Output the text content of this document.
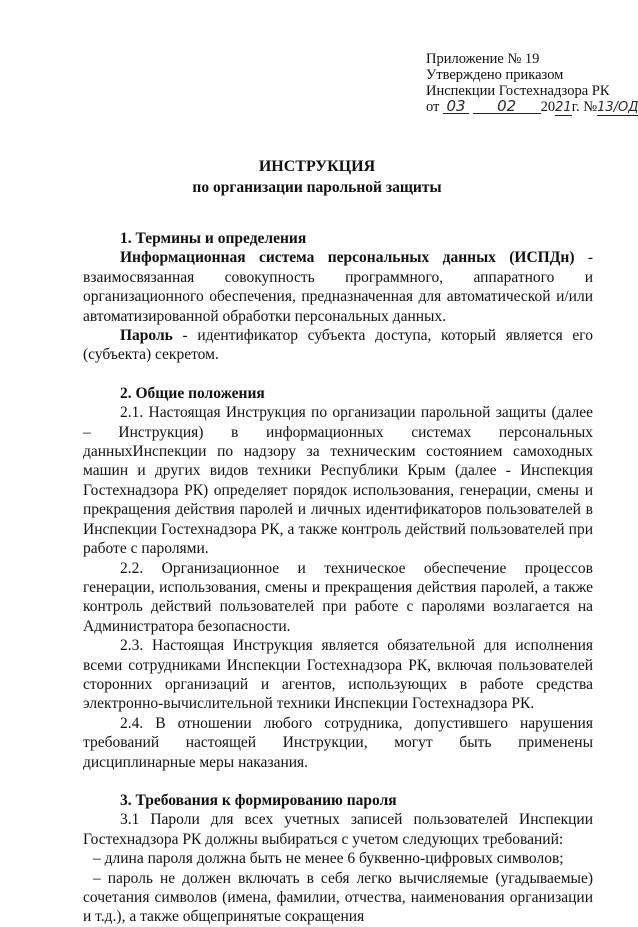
Приложение № 19
Утверждено приказом
Инспекции Гостехнадзора РК
от 03 02 2021г. №13/ОД
ИНСТРУКЦИЯ
по организации парольной защиты

1. Термины и определения

Информационная система персональных данных (ИСПДн) - взаимосвязанная совокупность программного, аппаратного и организационного обеспечения, предназначенная для автоматической и/или автоматизированной обработки персональных данных.

Пароль - идентификатор субъекта доступа, который является его (субъекта) секретом.

2. Общие положения

2.1. Настоящая Инструкция по организации парольной защиты (далее – Инструкция) в информационных системах персональных данныхИнспекции по надзору за техническим состоянием самоходных машин и других видов техники Республики Крым (далее - Инспекция Гостехнадзора РК) определяет порядок использования, генерации, смены и прекращения действия паролей и личных идентификаторов пользователей в Инспекции Гостехнадзора РК, а также контроль действий пользователей при работе с паролями.

2.2. Организационное и техническое обеспечение процессов генерации, использования, смены и прекращения действия паролей, а также контроль действий пользователей при работе с паролями возлагается на Администратора безопасности.

2.3. Настоящая Инструкция является обязательной для исполнения всеми сотрудниками Инспекции Гостехнадзора РК, включая пользователей сторонних организаций и агентов, использующих в работе средства электронно-вычислительной техники Инспекции Гостехнадзора РК.

2.4. В отношении любого сотрудника, допустившего нарушения требований настоящей Инструкции, могут быть применены дисциплинарные меры наказания.

3. Требования к формированию пароля

3.1 Пароли для всех учетных записей пользователей Инспекции Гостехнадзора РК должны выбираться с учетом следующих требований:

– длина пароля должна быть не менее 6 буквенно-цифровых символов;

– пароль не должен включать в себя легко вычисляемые (угадываемые) сочетания символов (имена, фамилии, отчества, наименования организации и т.д.), а также общепринятые сокращения
